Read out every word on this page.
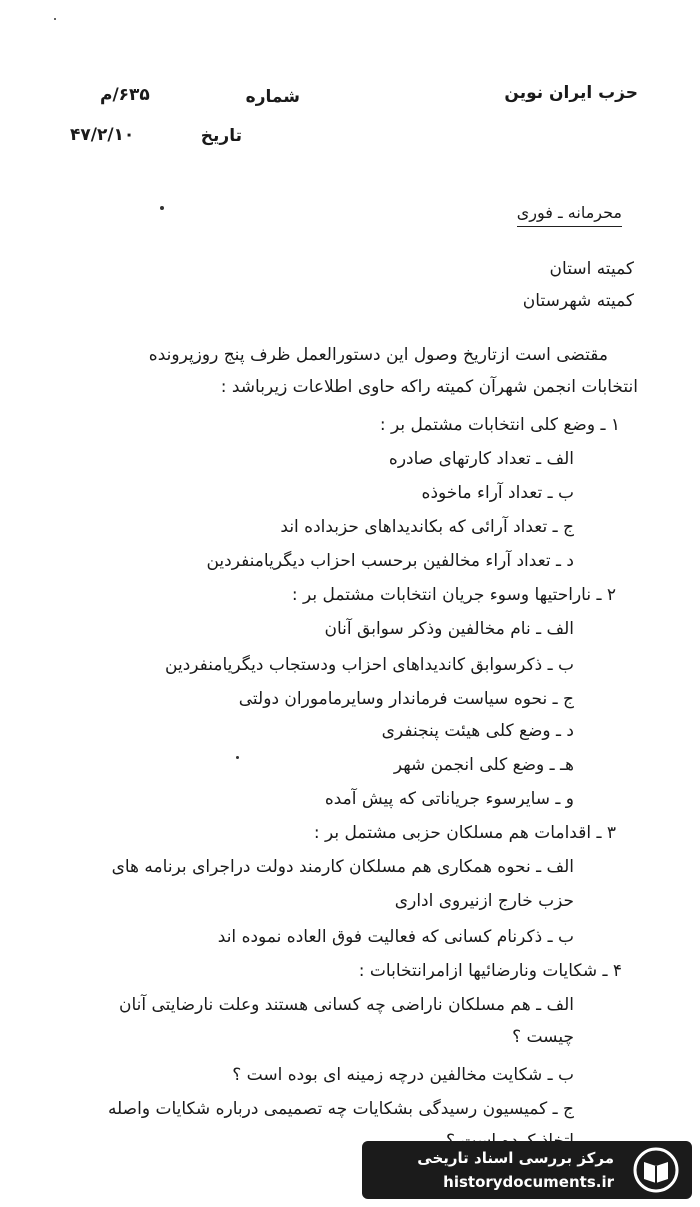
حزب ایران نوین
شماره
۶۳۵/م
تاریخ
۴۷/۲/۱۰
محرمانه ـ فوری
کمیته استان
کمیته شهرستان
مقتضی است ازتاریخ وصول این دستورالعمل ظرف پنج روزپرونده
انتخابات انجمن شهرآن کمیته راکه حاوی اطلاعات زیرباشد :
۱ ـ وضع کلی انتخابات مشتمل بر :
الف ـ تعداد کارتهای صادره
ب ـ تعداد آراء ماخوذه
ج ـ تعداد آرائی که بکاندیداهای حزبداده اند
د ـ تعداد آراء مخالفین برحسب احزاب دیگریامنفردین
۲ ـ ناراحتیها وسوء جریان انتخابات مشتمل بر :
الف ـ نام مخالفین وذکر سوابق آنان
ب ـ ذکرسوابق کاندیداهای احزاب ودستجاب دیگریامنفردین
ج ـ نحوه سیاست فرماندار وسایرماموران دولتی
د ـ وضع کلی هیئت پنجنفری
هـ ـ وضع کلی انجمن شهر
و ـ سایرسوء جریاناتی که پیش آمده
۳ ـ اقدامات هم مسلکان حزبی مشتمل بر :
الف ـ نحوه همکاری هم مسلکان کارمند دولت دراجرای برنامه های
حزب خارج ازنیروی اداری
ب ـ ذکرنام کسانی که فعالیت فوق العاده نموده اند
۴ ـ شکایات ونارضائیها ازامرانتخابات :
الف ـ هم مسلکان ناراضی چه کسانی هستند وعلت نارضایتی آنان
چیست ؟
ب ـ شکایت مخالفین درچه زمینه ای بوده است ؟
ج ـ کمیسیون رسیدگی بشکایات چه تصمیمی درباره شکایات واصله
مرکز بررسی اسناد تاریخی
historydocuments.ir
